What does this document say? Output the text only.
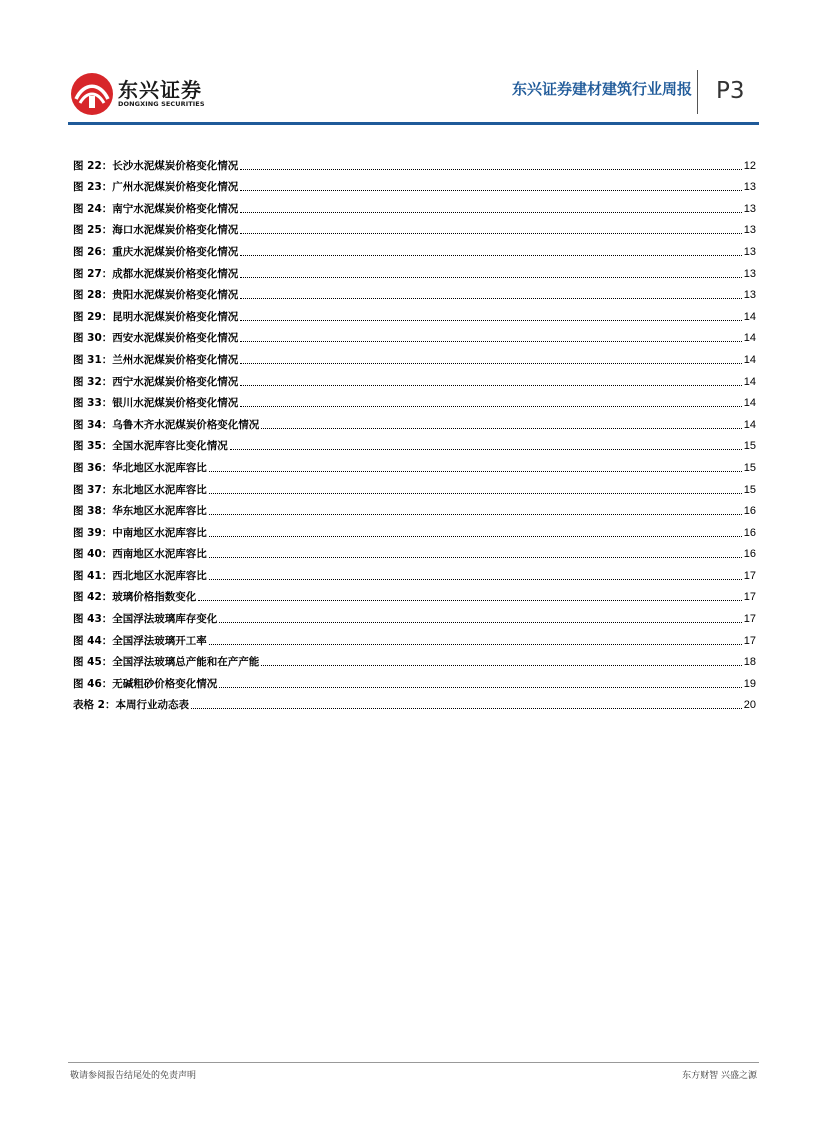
东兴证券
DONGXING SECURITIES
东兴证券建材建筑行业周报 P3
图 22：长沙水泥煤炭价格变化情况	12
图 23：广州水泥煤炭价格变化情况	13
图 24：南宁水泥煤炭价格变化情况	13
图 25：海口水泥煤炭价格变化情况	13
图 26：重庆水泥煤炭价格变化情况	13
图 27：成都水泥煤炭价格变化情况	13
图 28：贵阳水泥煤炭价格变化情况	13
图 29：昆明水泥煤炭价格变化情况	14
图 30：西安水泥煤炭价格变化情况	14
图 31：兰州水泥煤炭价格变化情况	14
图 32：西宁水泥煤炭价格变化情况	14
图 33：银川水泥煤炭价格变化情况	14
图 34：乌鲁木齐水泥煤炭价格变化情况	14
图 35：全国水泥库容比变化情况	15
图 36：华北地区水泥库容比	15
图 37：东北地区水泥库容比	15
图 38：华东地区水泥库容比	16
图 39：中南地区水泥库容比	16
图 40：西南地区水泥库容比	16
图 41：西北地区水泥库容比	17
图 42：玻璃价格指数变化	17
图 43：全国浮法玻璃库存变化	17
图 44：全国浮法玻璃开工率	17
图 45：全国浮法玻璃总产能和在产产能	18
图 46：无碱粗砂价格变化情况	19
表格 2：本周行业动态表	20
敬请参阅报告结尾处的免责声明	东方财智 兴盛之源
